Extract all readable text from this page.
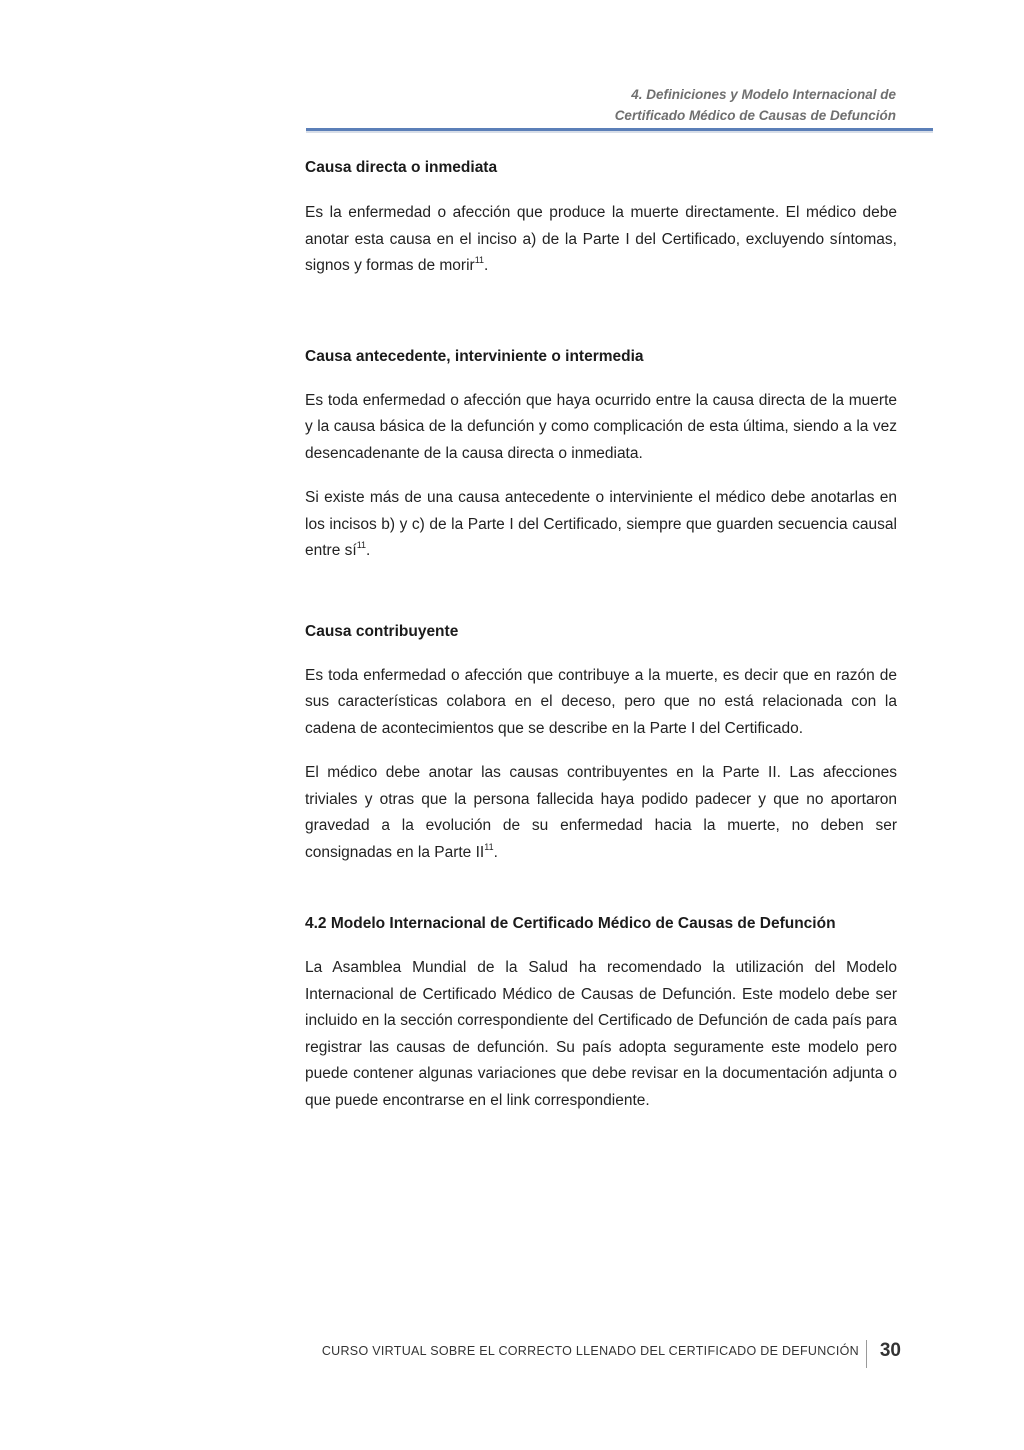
4. Definiciones y Modelo Internacional de
Certificado Médico de Causas de Defunción
Causa directa o inmediata

Es la enfermedad o afección que produce la muerte directamente. El médico debe anotar esta causa en el inciso a) de la Parte I del Certificado, excluyendo síntomas, signos y formas de morir$^{11}$.

Causa antecedente, interviniente o intermedia

Es toda enfermedad o afección que haya ocurrido entre la causa directa de la muerte y la causa básica de la defunción y como complicación de esta última, siendo a la vez desencadenante de la causa directa o inmediata.

Si existe más de una causa antecedente o interviniente el médico debe anotarlas en los incisos b) y c) de la Parte I del Certificado, siempre que guarden secuencia causal entre $sí^{11}$.

Causa contribuyente

Es toda enfermedad o afección que contribuye a la muerte, es decir que en razón de sus características colabora en el deceso, pero que no está relacionada con la cadena de acontecimientos que se describe en la Parte I del Certificado.

El médico debe anotar las causas contribuyentes en la Parte II. Las afecciones triviales y otras que la persona fallecida haya podido padecer y que no aportaron gravedad a la evolución de su enfermedad hacia la muerte, no deben ser consignadas en la Parte II$^{11}$.

4.2 Modelo Internacional de Certificado Médico de Causas de Defunción

La Asamblea Mundial de la Salud ha recomendado la utilización del Modelo Internacional de Certificado Médico de Causas de Defunción. Este modelo debe ser incluido en la sección correspondiente del Certificado de Defunción de cada país para registrar las causas de defunción. Su país adopta seguramente este modelo pero puede contener algunas variaciones que debe revisar en la documentación adjunta o que puede encontrarse en el link correspondiente.

CURSO VIRTUAL SOBRE EL CORRECTO LLENADO DEL CERTIFICADO DE DEFUNCIÓN 30
